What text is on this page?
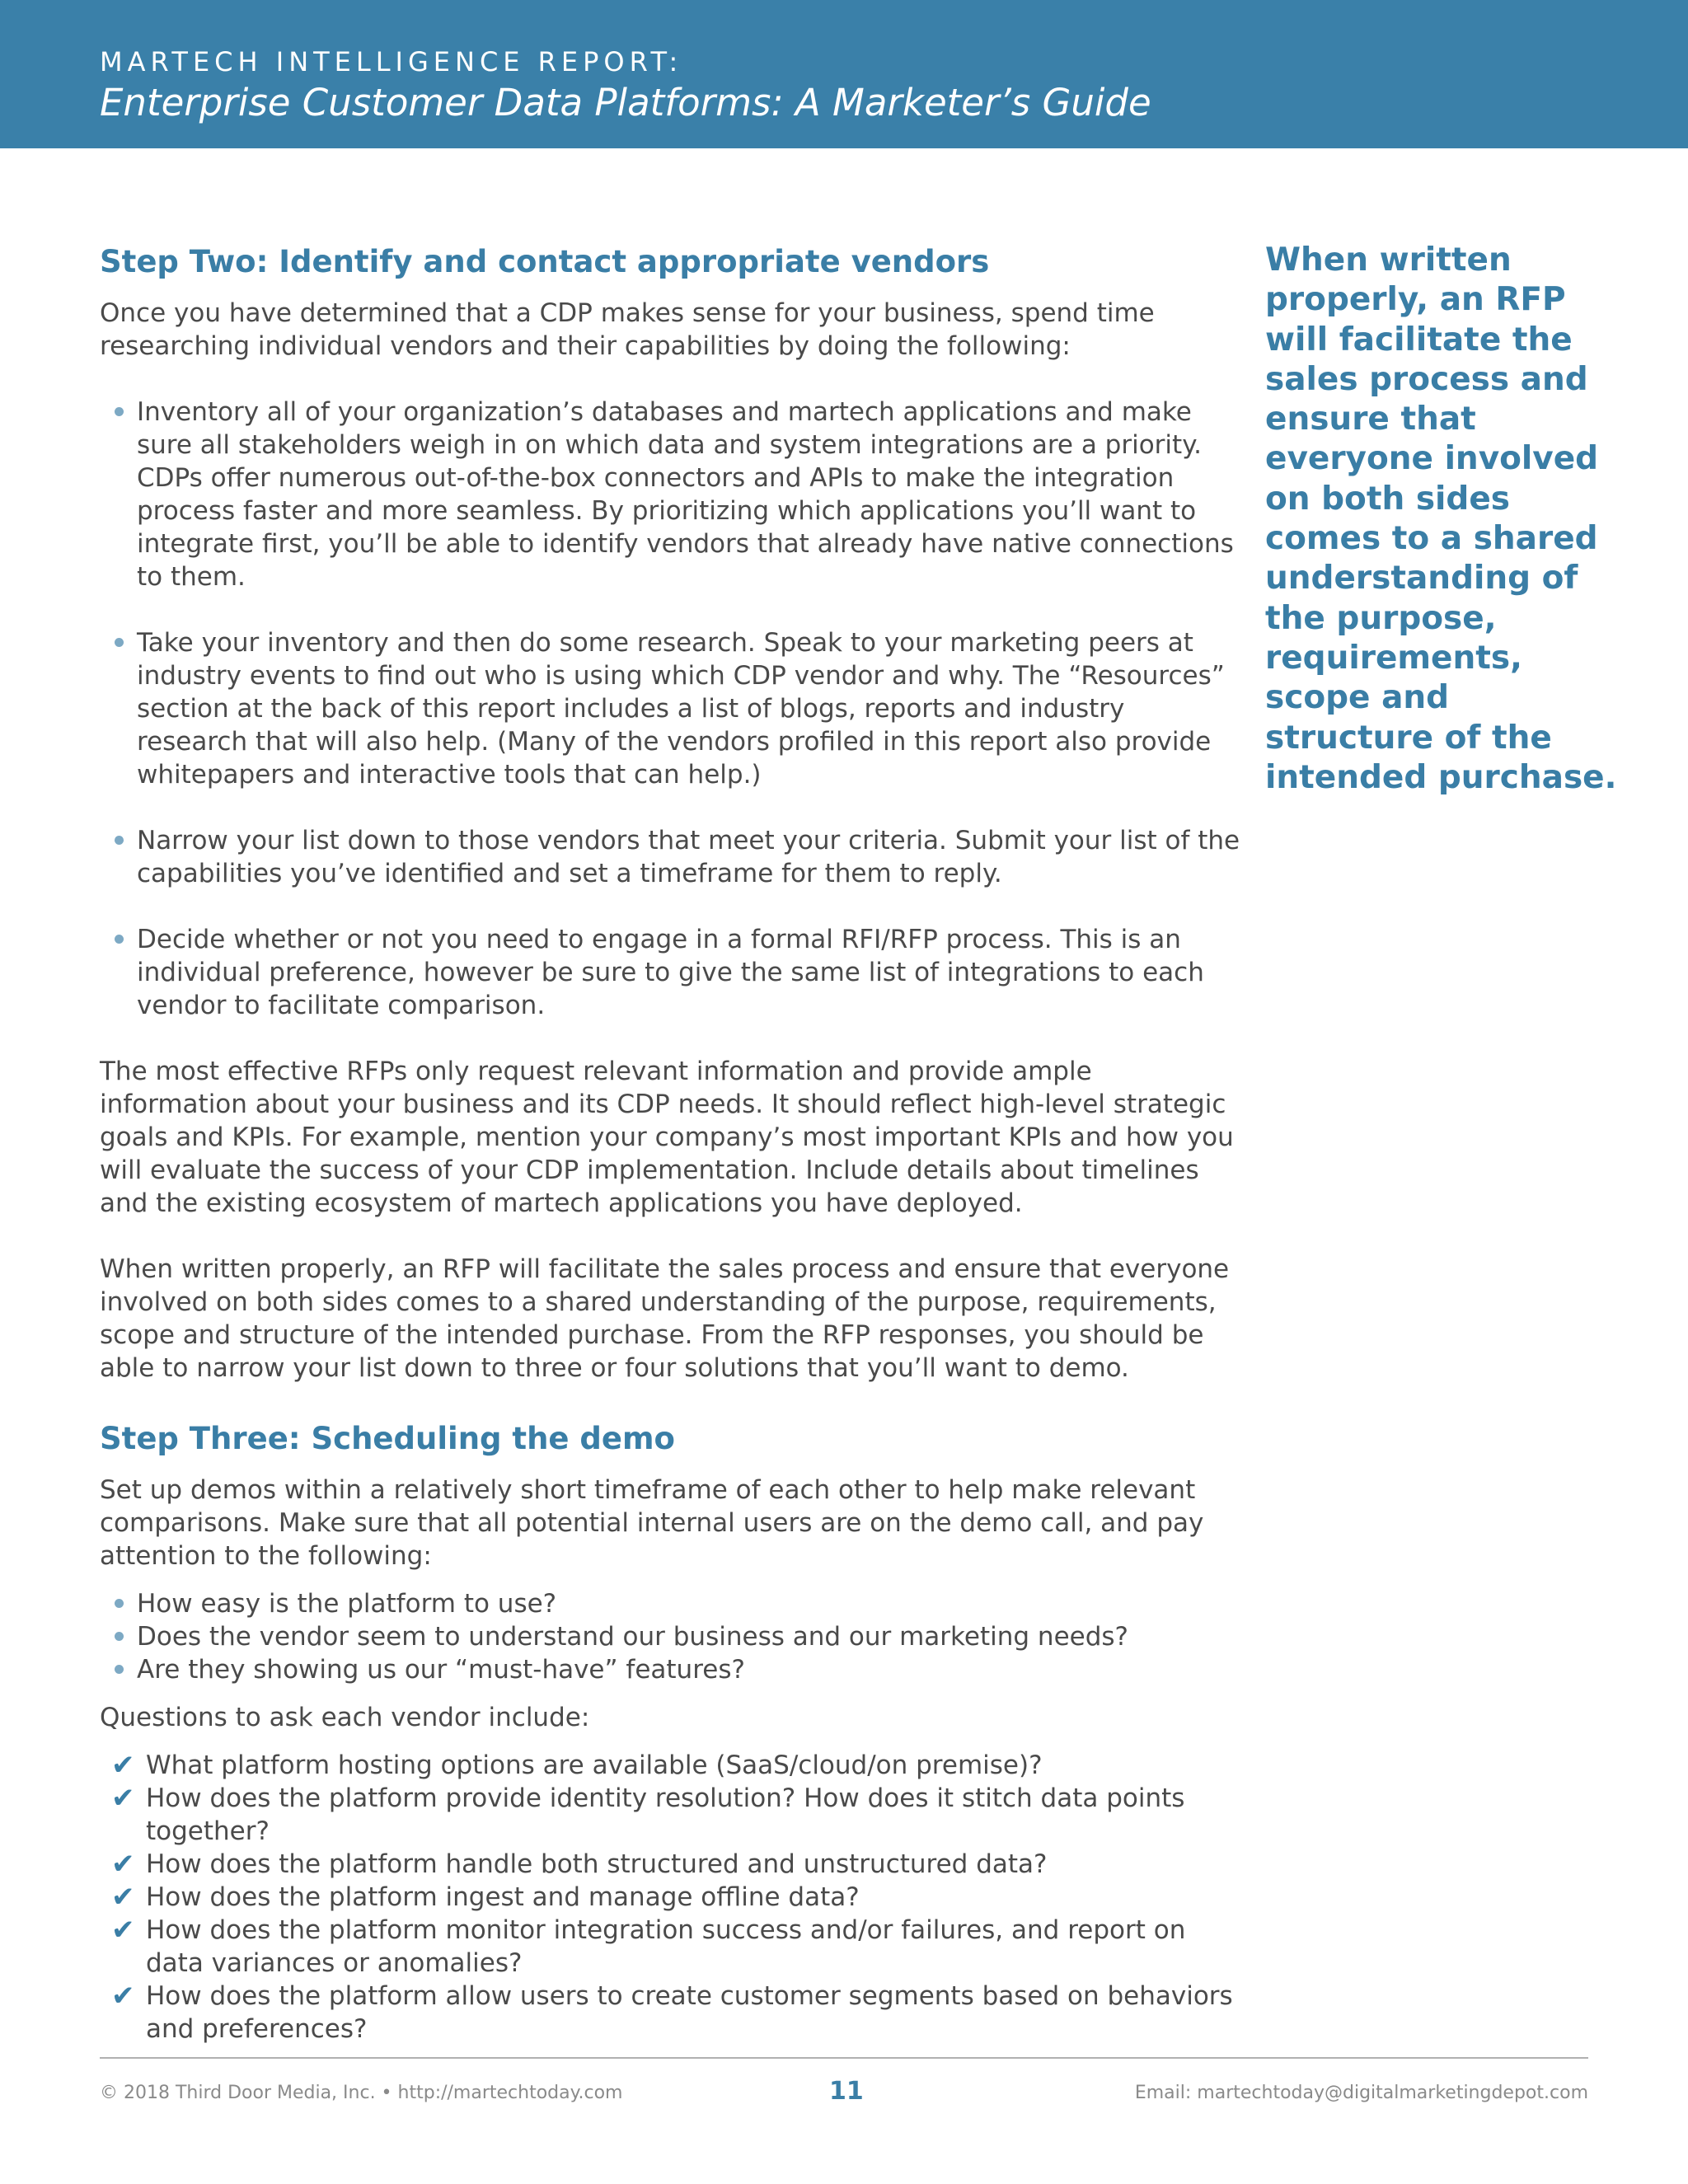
MARTECH INTELLIGENCE REPORT:
Enterprise Customer Data Platforms: A Marketer’s Guide
Step Two: Identify and contact appropriate vendors

Once you have determined that a CDP makes sense for your business, spend time researching individual vendors and their capabilities by doing the following:

Inventory all of your organization’s databases and martech applications and make sure all stakeholders weigh in on which data and system integrations are a priority. CDPs offer numerous out-of-the-box connectors and APIs to make the integration process faster and more seamless. By prioritizing which applications you’ll want to integrate first, you’ll be able to identify vendors that already have native connections to them.
Take your inventory and then do some research. Speak to your marketing peers at industry events to find out who is using which CDP vendor and why. The “Resources” section at the back of this report includes a list of blogs, reports and industry research that will also help. (Many of the vendors profiled in this report also provide whitepapers and interactive tools that can help.)
Narrow your list down to those vendors that meet your criteria. Submit your list of the capabilities you’ve identified and set a timeframe for them to reply.
Decide whether or not you need to engage in a formal RFI/RFP process. This is an individual preference, however be sure to give the same list of integrations to each vendor to facilitate comparison.

The most effective RFPs only request relevant information and provide ample information about your business and its CDP needs. It should reflect high-level strategic goals and KPIs. For example, mention your company’s most important KPIs and how you will evaluate the success of your CDP implementation. Include details about timelines and the existing ecosystem of martech applications you have deployed.

When written properly, an RFP will facilitate the sales process and ensure that everyone involved on both sides comes to a shared understanding of the purpose, requirements, scope and structure of the intended purchase. From the RFP responses, you should be able to narrow your list down to three or four solutions that you’ll want to demo.

Step Three: Scheduling the demo

Set up demos within a relatively short timeframe of each other to help make relevant comparisons. Make sure that all potential internal users are on the demo call, and pay attention to the following:

How easy is the platform to use?
Does the vendor seem to understand our business and our marketing needs?
Are they showing us our “must-have” features?

Questions to ask each vendor include:

✔ What platform hosting options are available (SaaS/cloud/on premise)?
✔ How does the platform provide identity resolution? How does it stitch data points together?
✔ How does the platform handle both structured and unstructured data?
✔ How does the platform ingest and manage offline data?
✔ How does the platform monitor integration success and/or failures, and report on data variances or anomalies?
✔ How does the platform allow users to create customer segments based on behaviors and preferences?
When written properly, an RFP will facilitate the sales process and ensure that everyone involved on both sides comes to a shared understanding of the purpose, requirements, scope and structure of the intended purchase.
© 2018 Third Door Media, Inc. • http://martechtoday.com	11	Email: martechtoday@digitalmarketingdepot.com
